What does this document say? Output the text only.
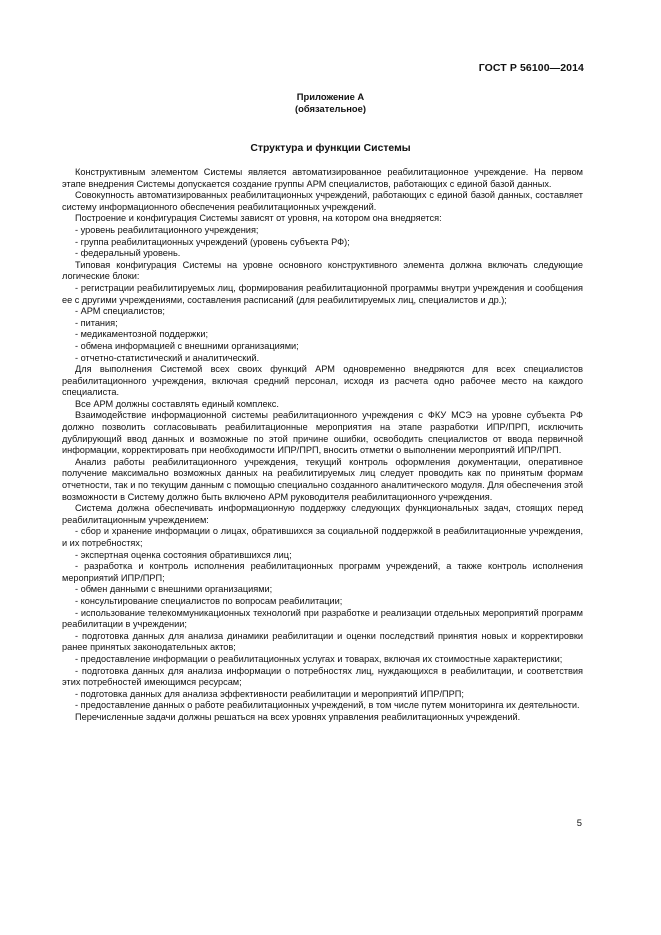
ГОСТ Р 56100—2014
Приложение А
(обязательное)
Структура и функции Системы

Конструктивным элементом Системы является автоматизированное реабилитационное учреждение. На первом этапе внедрения Системы допускается создание группы АРМ специалистов, работающих с единой базой данных.

Совокупность автоматизированных реабилитационных учреждений, работающих с единой базой данных, составляет систему информационного обеспечения реабилитационных учреждений.

Построение и конфигурация Системы зависят от уровня, на котором она внедряется:

- уровень реабилитационного учреждения;

- группа реабилитационных учреждений (уровень субъекта РФ);

- федеральный уровень.

Типовая конфигурация Системы на уровне основного конструктивного элемента должна включать следующие логические блоки:

- регистрации реабилитируемых лиц, формирования реабилитационной программы внутри учреждения и сообщения ее с другими учреждениями, составления расписаний (для реабилитируемых лиц, специалистов и др.);

- АРМ специалистов;

- питания;

- медикаментозной поддержки;

- обмена информацией с внешними организациями;

- отчетно-статистический и аналитический.

Для выполнения Системой всех своих функций АРМ одновременно внедряются для всех специалистов реабилитационного учреждения, включая средний персонал, исходя из расчета одно рабочее место на каждого специалиста.

Все АРМ должны составлять единый комплекс.

Взаимодействие информационной системы реабилитационного учреждения с ФКУ МСЭ на уровне субъекта РФ должно позволить согласовывать реабилитационные мероприятия на этапе разработки ИПР/ПРП, исключить дублирующий ввод данных и возможные по этой причине ошибки, освободить специалистов от ввода первичной информации, корректировать при необходимости ИПР/ПРП, вносить отметки о выполнении мероприятий ИПР/ПРП.

Анализ работы реабилитационного учреждения, текущий контроль оформления документации, оперативное получение максимально возможных данных на реабилитируемых лиц следует проводить как по принятым формам отчетности, так и по текущим данным с помощью специально созданного аналитического модуля. Для обеспечения этой возможности в Систему должно быть включено АРМ руководителя реабилитационного учреждения.

Система должна обеспечивать информационную поддержку следующих функциональных задач, стоящих перед реабилитационным учреждением:

- сбор и хранение информации о лицах, обратившихся за социальной поддержкой в реабилитационные учреждения, и их потребностях;

- экспертная оценка состояния обратившихся лиц;

- разработка и контроль исполнения реабилитационных программ учреждений, а также контроль исполнения мероприятий ИПР/ПРП;

- обмен данными с внешними организациями;

- консультирование специалистов по вопросам реабилитации;

- использование телекоммуникационных технологий при разработке и реализации отдельных мероприятий программ реабилитации в учреждении;

- подготовка данных для анализа динамики реабилитации и оценки последствий принятия новых и корректировки ранее принятых законодательных актов;

- предоставление информации о реабилитационных услугах и товарах, включая их стоимостные характеристики;

- подготовка данных для анализа информации о потребностях лиц, нуждающихся в реабилитации, и соответствия этих потребностей имеющимся ресурсам;

- подготовка данных для анализа эффективности реабилитации и мероприятий ИПР/ПРП;

- предоставление данных о работе реабилитационных учреждений, в том числе путем мониторинга их деятельности.

Перечисленные задачи должны решаться на всех уровнях управления реабилитационных учреждений.

5
